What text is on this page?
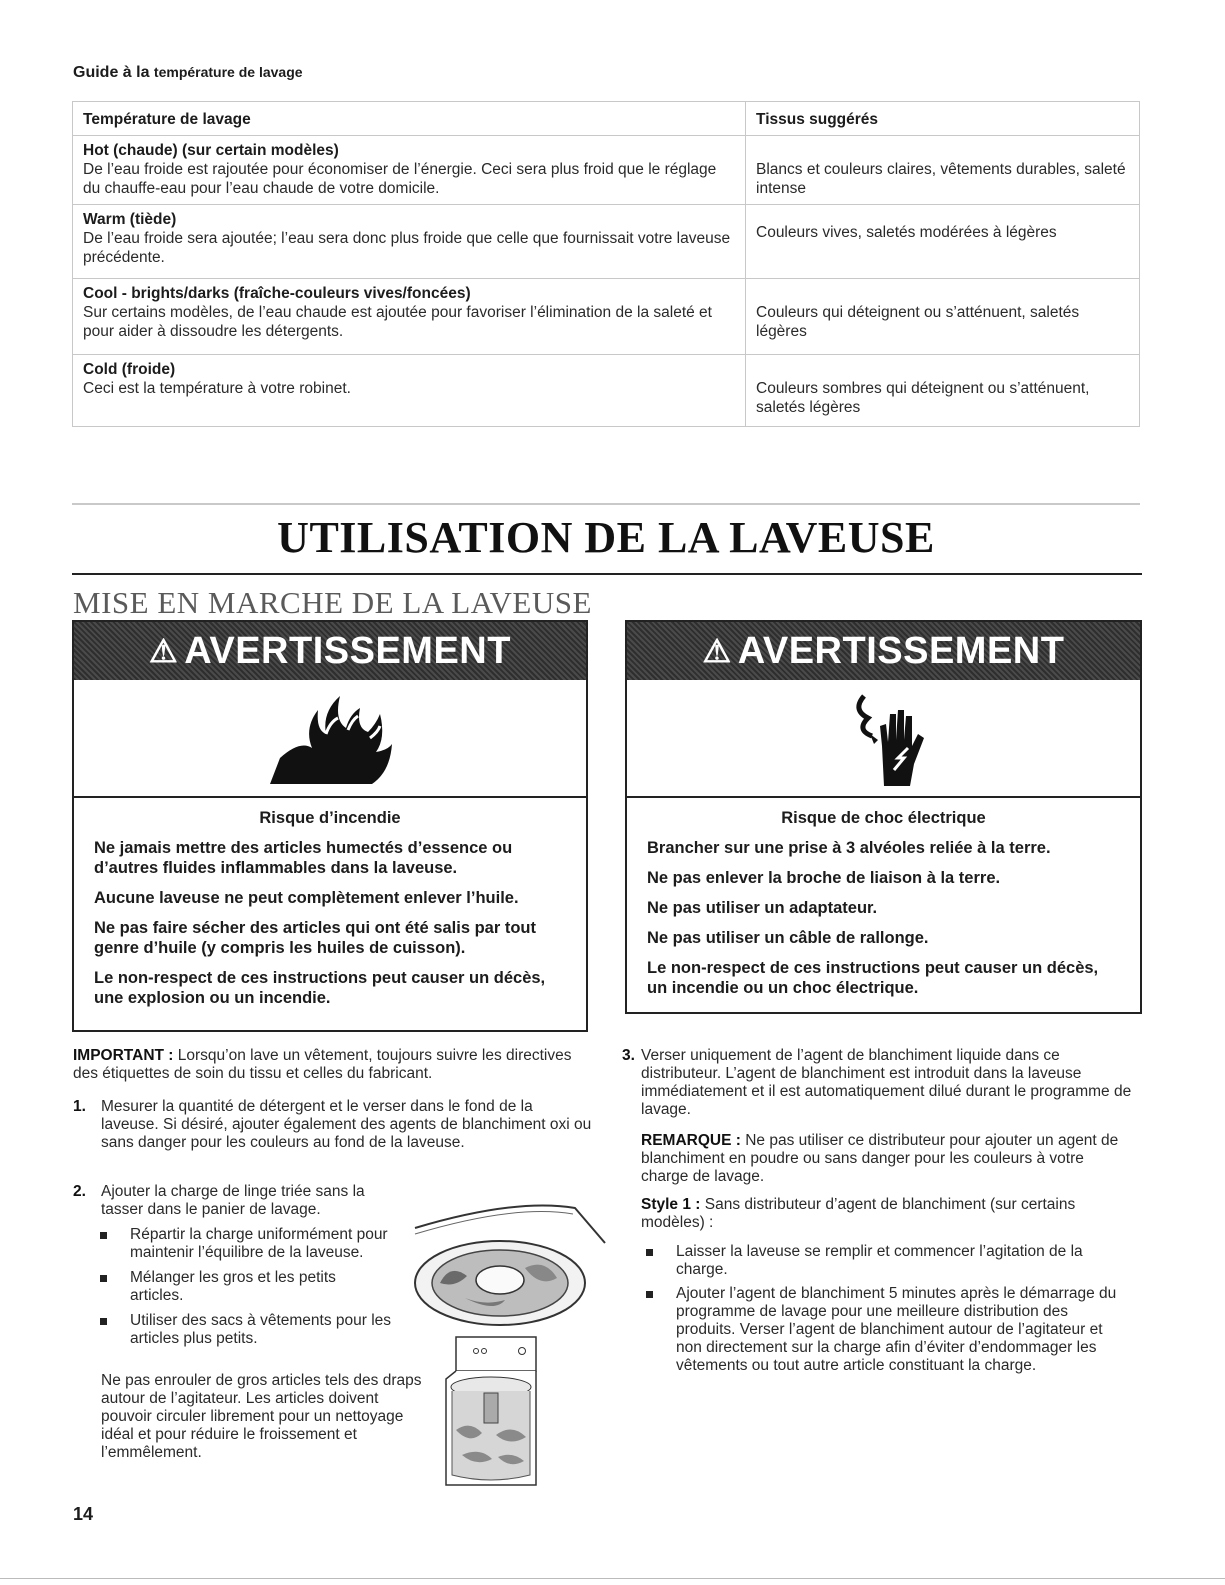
Guide à la température de lavage
Température de lavage	Tissus suggérés

Hot (chaude) (sur certain modèles)
De l’eau froide est rajoutée pour économiser de l’énergie. Ceci sera plus froid que le réglage du chauffe-eau pour l’eau chaude de votre domicile.	Blancs et couleurs claires, vêtements durables, saleté intense

Warm (tiède)
De l’eau froide sera ajoutée; l’eau sera donc plus froide que celle que fournissait votre laveuse précédente.	Couleurs vives, saletés modérées à légères

Cool - brights/darks (fraîche-couleurs vives/foncées)
Sur certains modèles, de l’eau chaude est ajoutée pour favoriser l’élimination de la saleté et pour aider à dissoudre les détergents.	Couleurs qui déteignent ou s’atténuent, saletés légères

Cold (froide)
Ceci est la température à votre robinet.	Couleurs sombres qui déteignent ou s’atténuent, saletés légères
UTILISATION DE LA LAVEUSE
MISE EN MARCHE DE LA LAVEUSE
⚠ AVERTISSEMENT
Risque d’incendie

Ne jamais mettre des articles humectés d’essence ou d’autres fluides inflammables dans la laveuse.

Aucune laveuse ne peut complètement enlever l’huile.

Ne pas faire sécher des articles qui ont été salis par tout genre d’huile (y compris les huiles de cuisson).

Le non-respect de ces instructions peut causer un décès, une explosion ou un incendie.

⚠ AVERTISSEMENT
Risque de choc électrique

Brancher sur une prise à 3 alvéoles reliée à la terre.

Ne pas enlever la broche de liaison à la terre.

Ne pas utiliser un adaptateur.

Ne pas utiliser un câble de rallonge.

Le non-respect de ces instructions peut causer un décès, un incendie ou un choc électrique.

IMPORTANT : Lorsqu’on lave un vêtement, toujours suivre les directives des étiquettes de soin du tissu et celles du fabricant.
1. Mesurer la quantité de détergent et le verser dans le fond de la laveuse. Si désiré, ajouter également des agents de blanchiment oxi ou sans danger pour les couleurs au fond de la laveuse.
2. Ajouter la charge de linge triée sans la tasser dans le panier de lavage.
Répartir la charge uniformément pour maintenir l’équilibre de la laveuse.
Mélanger les gros et les petits articles.
Utiliser des sacs à vêtements pour les articles plus petits.
Ne pas enrouler de gros articles tels des draps autour de l’agitateur. Les articles doivent pouvoir circuler librement pour un nettoyage idéal et pour réduire le froissement et l’emmêlement.
3. Verser uniquement de l’agent de blanchiment liquide dans ce distributeur. L’agent de blanchiment est introduit dans la laveuse immédiatement et il est automatiquement dilué durant le programme de lavage.
REMARQUE : Ne pas utiliser ce distributeur pour ajouter un agent de blanchiment en poudre ou sans danger pour les couleurs à votre charge de lavage.
Style 1 : Sans distributeur d’agent de blanchiment (sur certains modèles) :
Laisser la laveuse se remplir et commencer l’agitation de la charge.
Ajouter l’agent de blanchiment 5 minutes après le démarrage du programme de lavage pour une meilleure distribution des produits. Verser l’agent de blanchiment autour de l’agitateur et non directement sur la charge afin d’éviter d’endommager les vêtements ou tout autre article constituant la charge.
14
